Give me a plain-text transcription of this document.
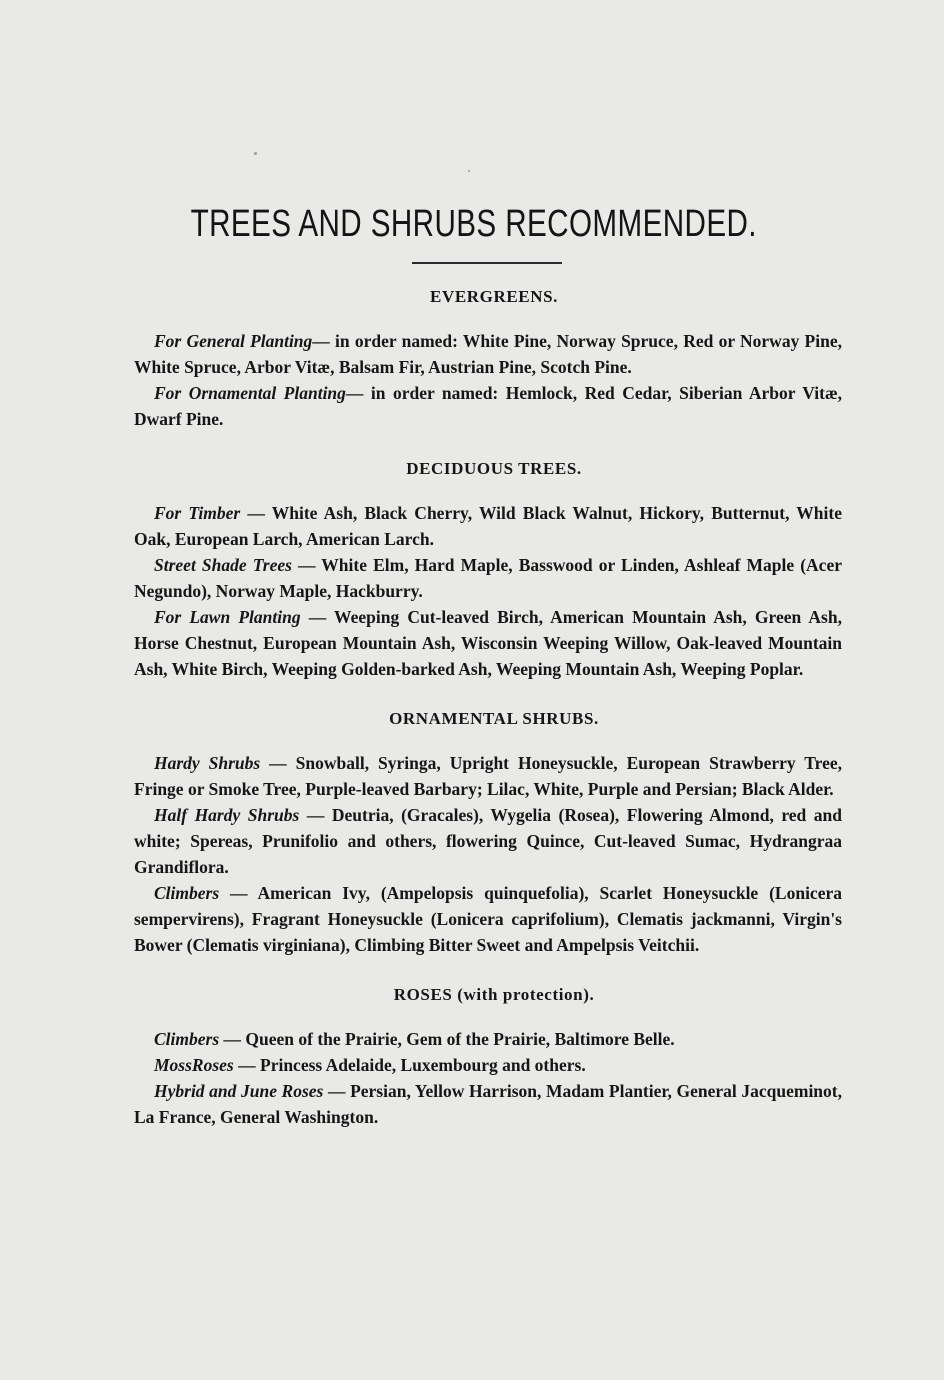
TREES AND SHRUBS RECOMMENDED.
EVERGREENS.

For General Planting— in order named: White Pine, Norway Spruce, Red or Norway Pine, White Spruce, Arbor Vitæ, Balsam Fir, Austrian Pine, Scotch Pine.

For Ornamental Planting— in order named: Hemlock, Red Cedar, Siberian Arbor Vitæ, Dwarf Pine.

DECIDUOUS TREES.

For Timber — White Ash, Black Cherry, Wild Black Walnut, Hickory, Butternut, White Oak, European Larch, American Larch.

Street Shade Trees — White Elm, Hard Maple, Basswood or Linden, Ashleaf Maple (Acer Negundo), Norway Maple, Hackburry.

For Lawn Planting — Weeping Cut-leaved Birch, American Mountain Ash, Green Ash, Horse Chestnut, European Mountain Ash, Wisconsin Weeping Willow, Oak-leaved Mountain Ash, White Birch, Weeping Golden-barked Ash, Weeping Mountain Ash, Weeping Poplar.

ORNAMENTAL SHRUBS.

Hardy Shrubs — Snowball, Syringa, Upright Honeysuckle, European Strawberry Tree, Fringe or Smoke Tree, Purple-leaved Barbary; Lilac, White, Purple and Persian; Black Alder.

Half Hardy Shrubs — Deutria, (Gracales), Wygelia (Rosea), Flowering Almond, red and white; Spereas, Prunifolio and others, flowering Quince, Cut-leaved Sumac, Hydrangraa Grandiflora.

Climbers — American Ivy, (Ampelopsis quinquefolia), Scarlet Honeysuckle (Lonicera sempervirens), Fragrant Honeysuckle (Lonicera caprifolium), Clematis jackmanni, Virgin's Bower (Clematis virginiana), Climbing Bitter Sweet and Ampelpsis Veitchii.

ROSES (with protection).

Climbers — Queen of the Prairie, Gem of the Prairie, Baltimore Belle.

MossRoses — Princess Adelaide, Luxembourg and others.

Hybrid and June Roses — Persian, Yellow Harrison, Madam Plantier, General Jacqueminot, La France, General Washington.
